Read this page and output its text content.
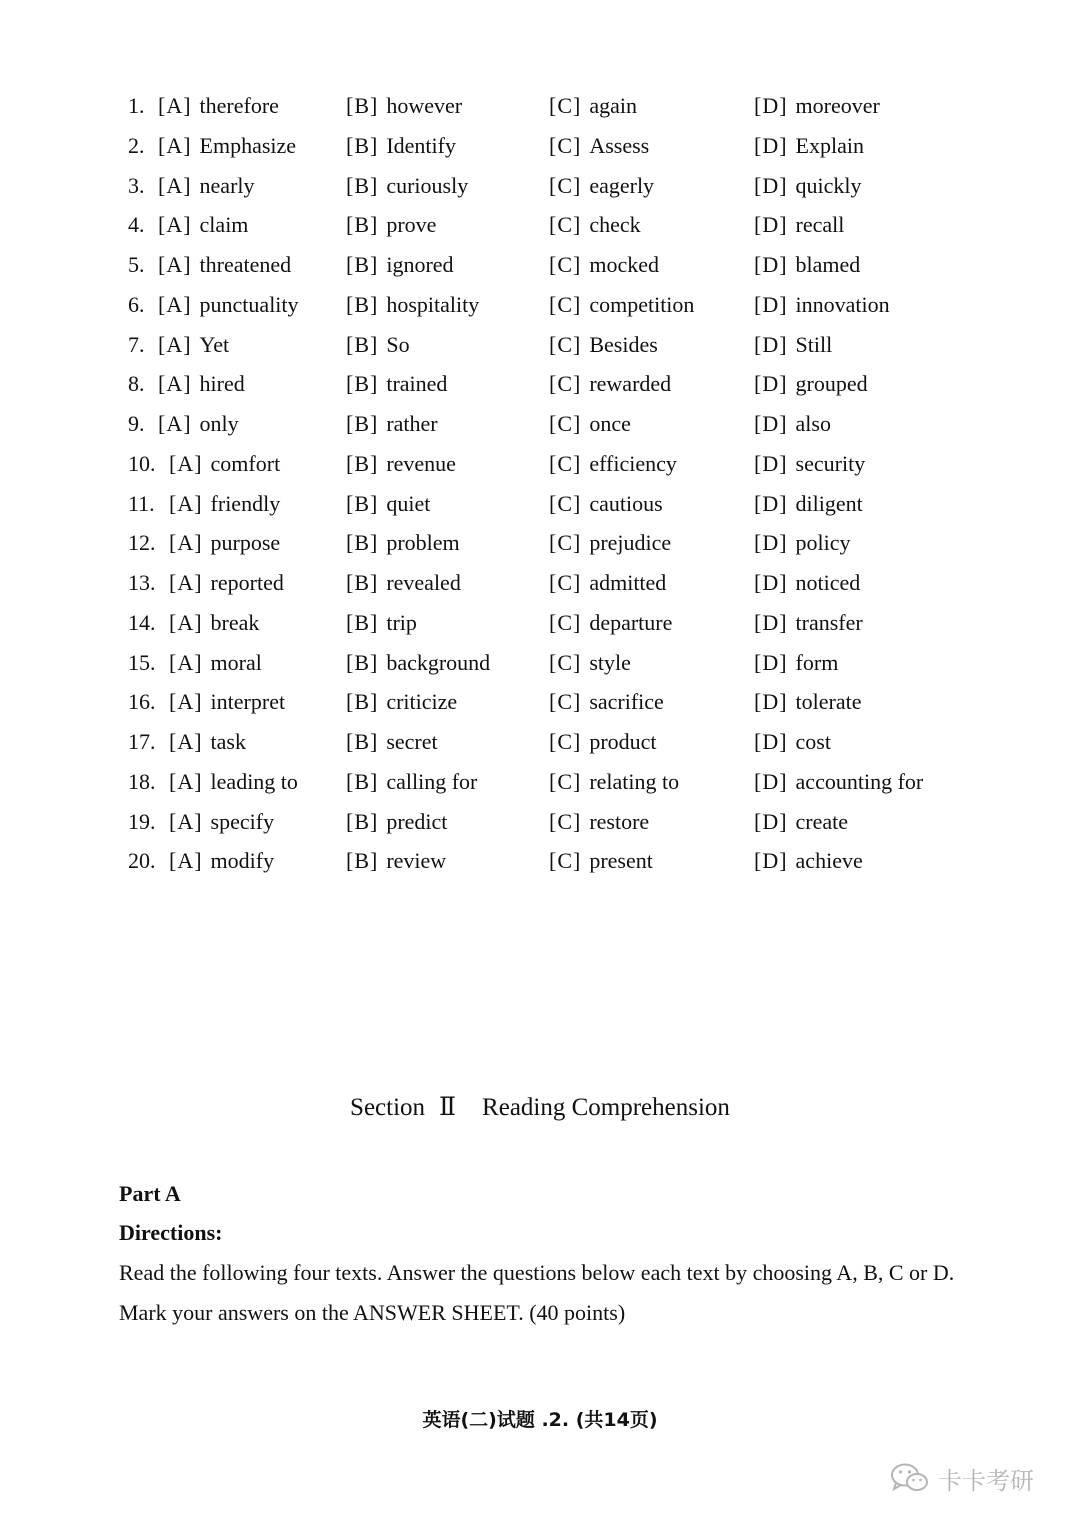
1. [A] therefore	[B] however	[C] again	[D] moreover
2. [A] Emphasize [B] Identify	[C] Assess	[D] Explain
3. [A] nearly	[B] curiously	[C] eagerly	[D] quickly
4. [A] claim	[B] prove	[C] check	[D] recall
5. [A] threatened [B] ignored	[C] mocked	[D] blamed
6. [A] punctuality [B] hospitality	[C] competition	[D] innovation
7. [A] Yet	[B] So	[C] Besides	[D] Still
8. [A] hired	[B] trained	[C] rewarded	[D] grouped
9. [A] only	[B] rather	[C] once	[D] also
10. [A] comfort	[B] revenue	[C] efficiency	[D] security
11. [A] friendly	[B] quiet	[C] cautious	[D] diligent
12. [A] purpose	[B] problem	[C] prejudice	[D] policy
13. [A] reported	[B] revealed	[C] admitted	[D] noticed
14. [A] break	[B] trip	[C] departure	[D] transfer
15. [A] moral	[B] background	[C] style	[D] form
16. [A] interpret	[B] criticize	[C] sacrifice	[D] tolerate
17. [A] task	[B] secret	[C] product	[D] cost
18. [A] leading to [B] calling for	[C] relating to	[D] accounting for
19. [A] specify	[B] predict	[C] restore	[D] create
20. [A] modify	[B] review	[C] present	[D] achieve
Section Ⅱ Reading Comprehension
Part A
Directions:

Read the following four texts. Answer the questions below each text by choosing A, B, C or D. Mark your answers on the ANSWER SHEET. (40 points)

英语(二)试题 .2. (共14页)
卡卡考研
